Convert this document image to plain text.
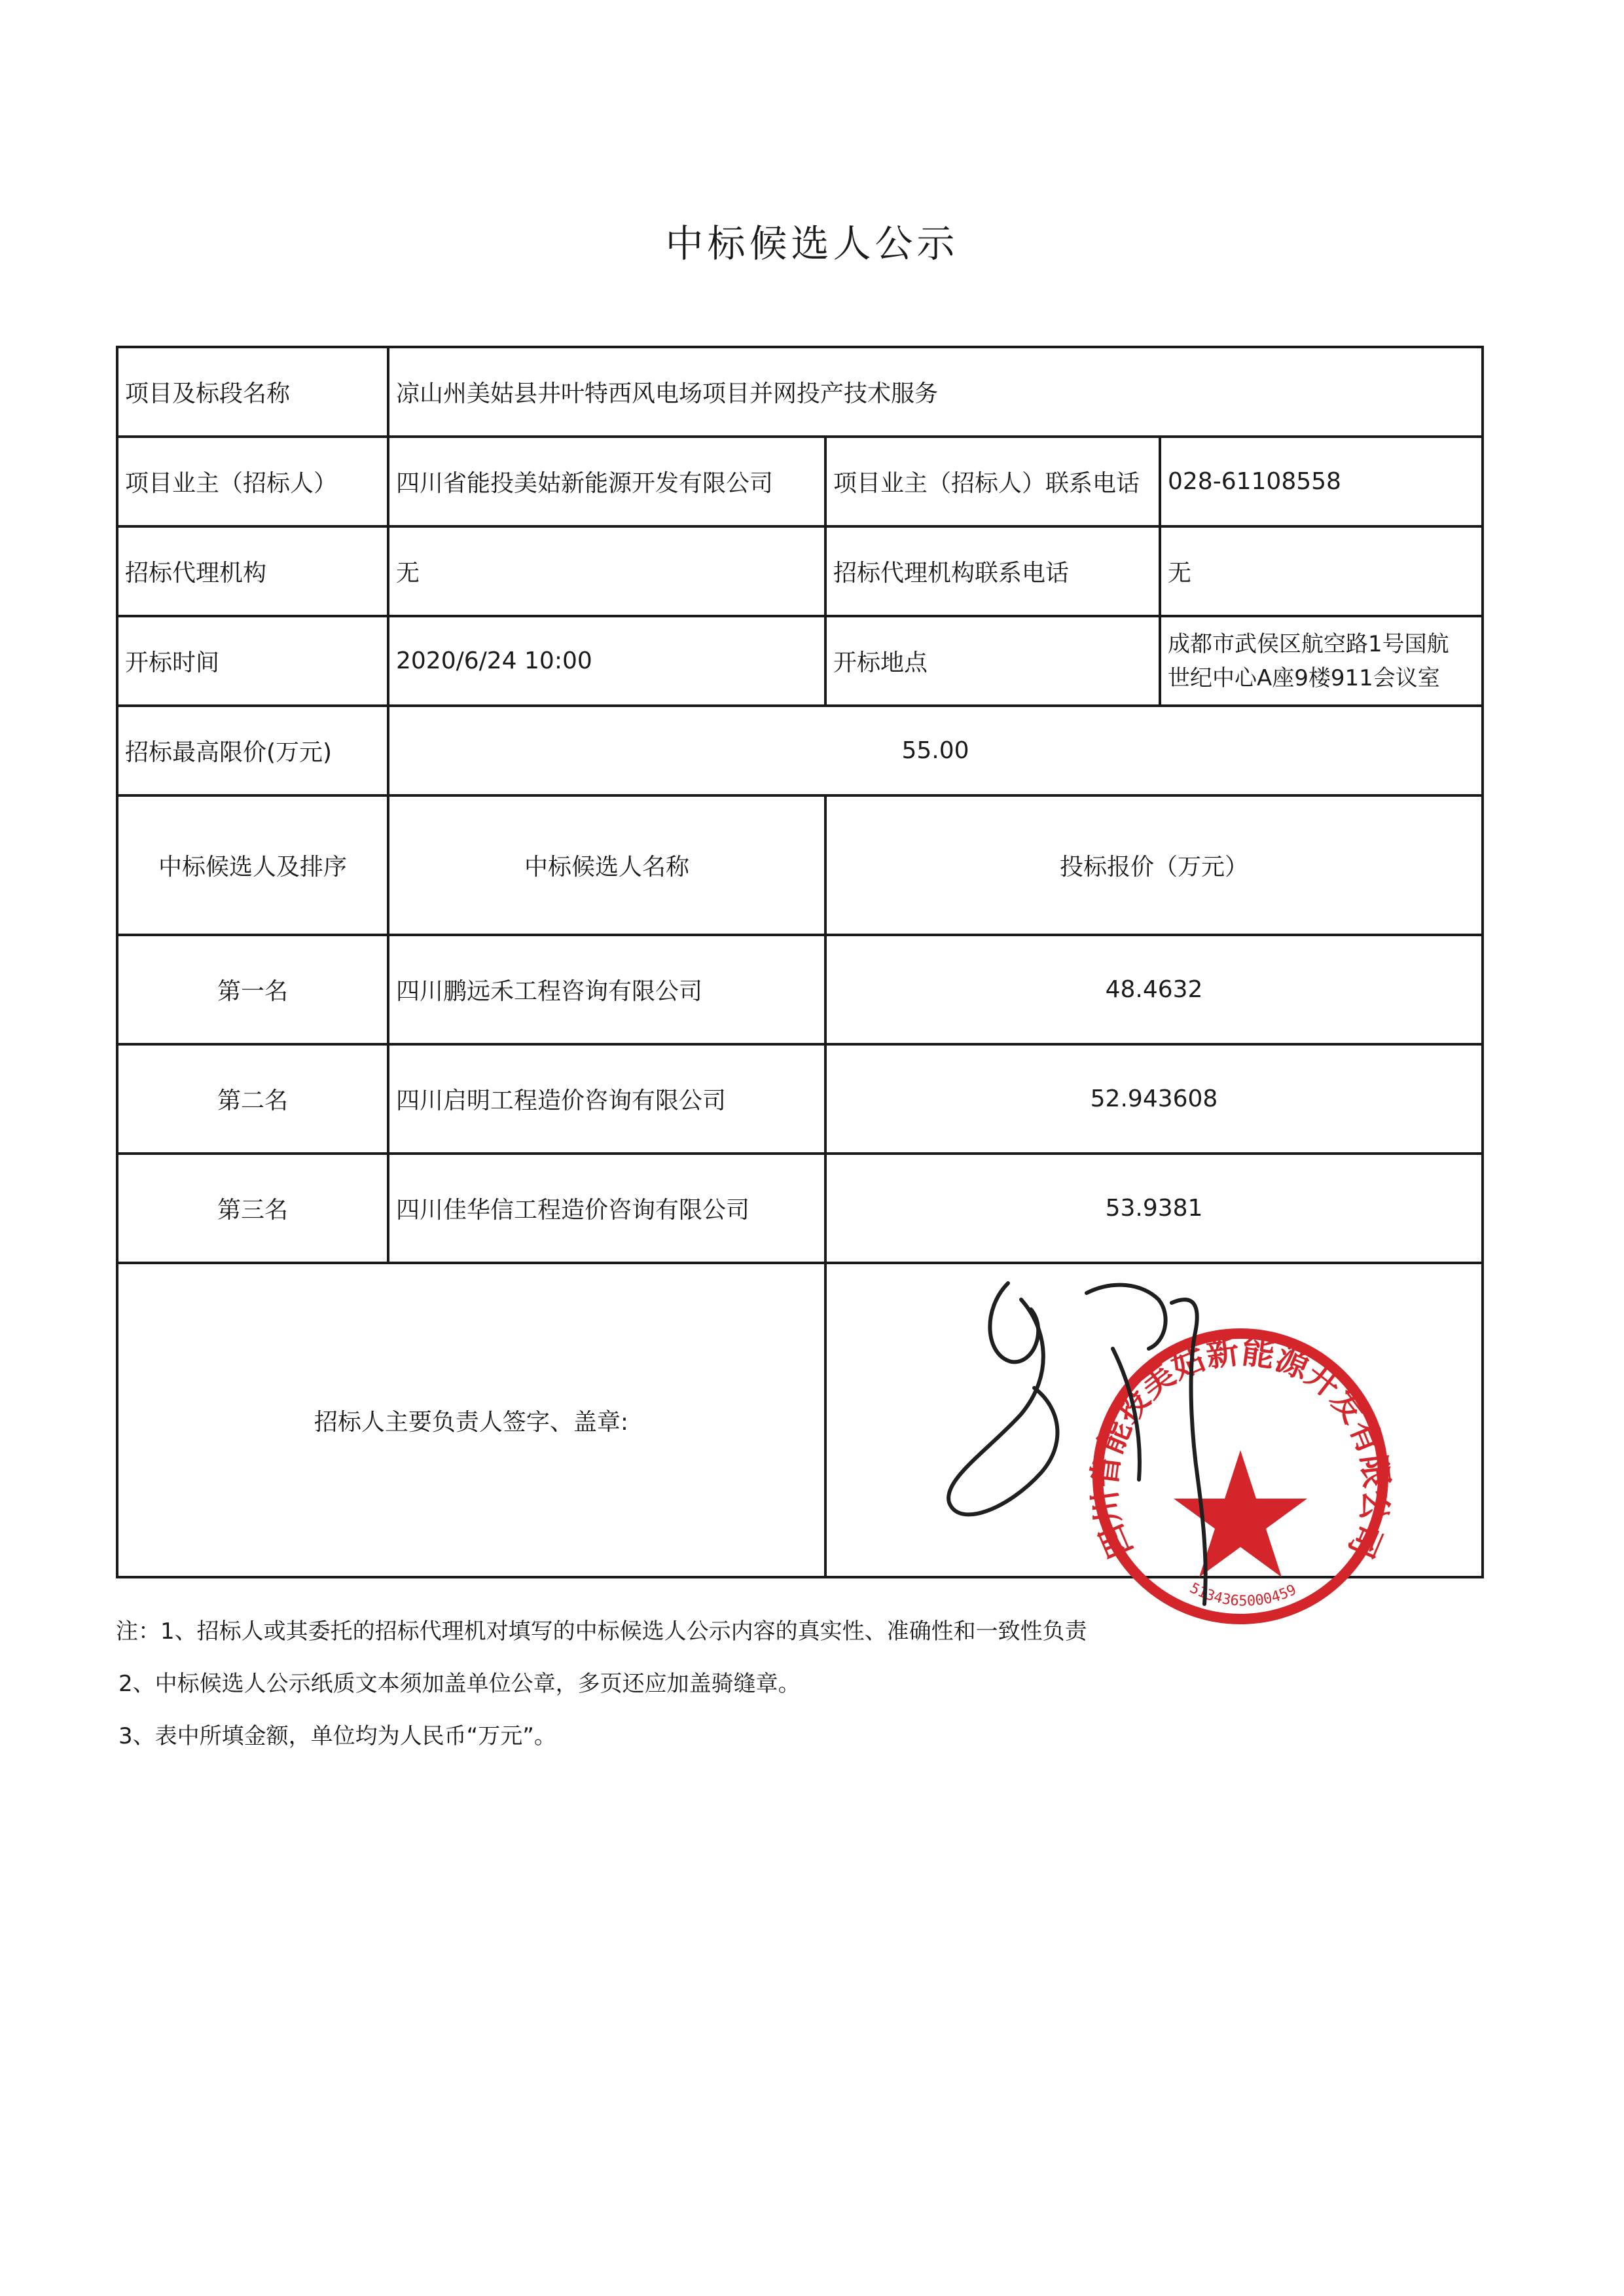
中标候选人公示
项目及标段名称	凉山州美姑县井叶特西风电场项目并网投产技术服务		
项目业主（招标人）	四川省能投美姑新能源开发有限公司	项目业主（招标人）联系电话	028-61108558
招标代理机构	无	招标代理机构联系电话	无
开标时间	2020/6/24 10:00	开标地点	成都市武侯区航空路1号国航
世纪中心A座9楼911会议室

招标最高限价(万元)	55.00		
中标候选人及排序	中标候选人名称	投标报价（万元）	
第一名	四川鹏远禾工程咨询有限公司	48.4632	
第二名	四川启明工程造价咨询有限公司	52.943608	
第三名	四川佳华信工程造价咨询有限公司	53.9381	
招标人主要负责人签字、盖章:			
注：1、招标人或其委托的招标代理机对填写的中标候选人公示内容的真实性、准确性和一致性负责
2、中标候选人公示纸质文本须加盖单位公章，多页还应加盖骑缝章。
3、表中所填金额，单位均为人民币“万元”。
四川省能投美姑新能源开发有限公司
5134365000459
